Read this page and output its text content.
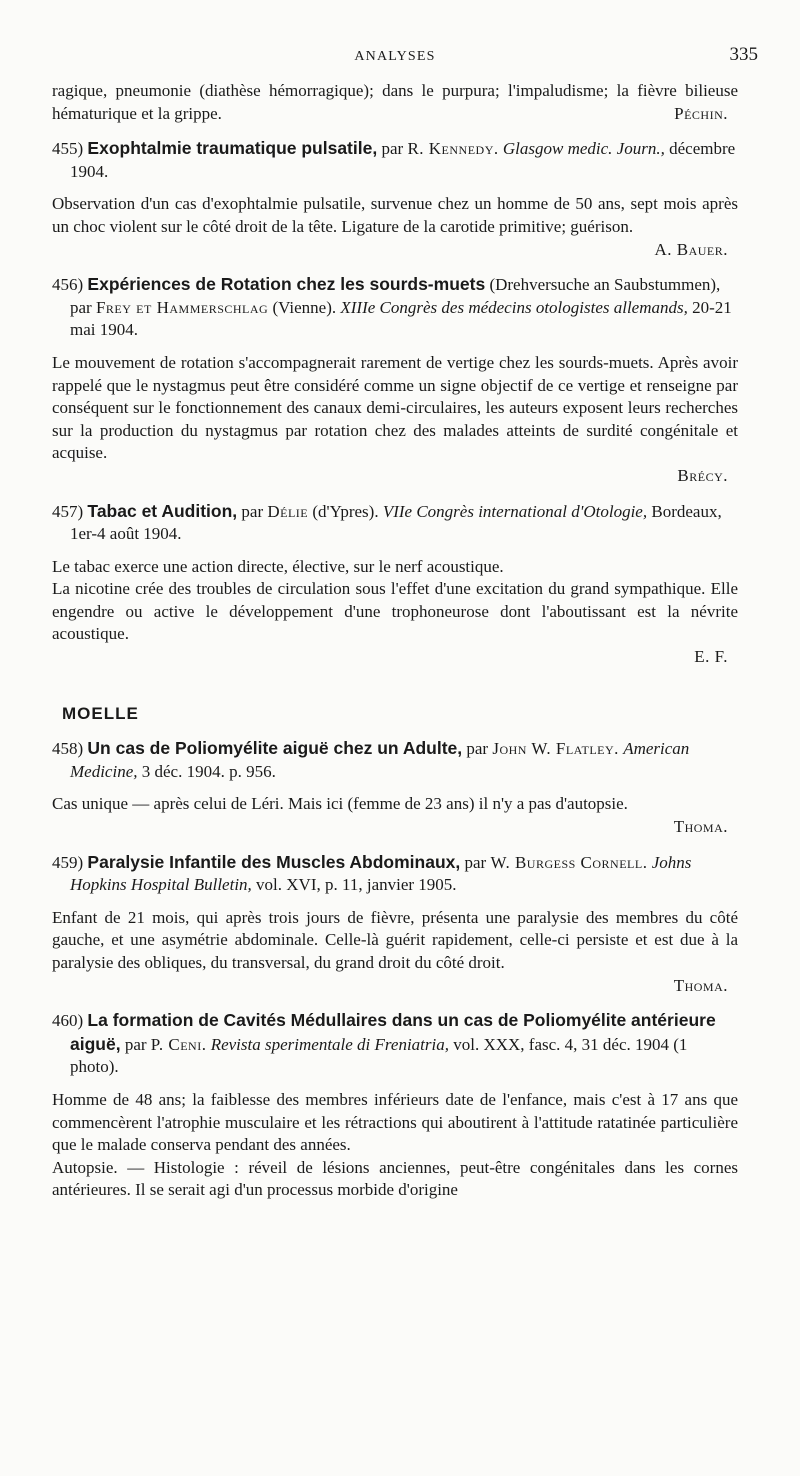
ANALYSES	335
ragique, pneumonie (diathèse hémorragique); dans le purpura; l'impaludisme; la fièvre bilieuse hématurique et la grippe.	Péchin.
455) Exophtalmie traumatique pulsatile, par R. Kennedy. Glasgow medic. Journ., décembre 1904.

Observation d'un cas d'exophtalmie pulsatile, survenue chez un homme de 50 ans, sept mois après un choc violent sur le côté droit de la tête. Ligature de la carotide primitive; guérison.

A. Bauer.
456) Expériences de Rotation chez les sourds-muets (Drehversuche an Saubstummen), par Frey et Hammerschlag (Vienne). XIIIe Congrès des médecins otologistes allemands, 20-21 mai 1904.

Le mouvement de rotation s'accompagnerait rarement de vertige chez les sourds-muets. Après avoir rappelé que le nystagmus peut être considéré comme un signe objectif de ce vertige et renseigne par conséquent sur le fonctionnement des canaux demi-circulaires, les auteurs exposent leurs recherches sur la production du nystagmus par rotation chez des malades atteints de surdité congénitale et acquise.

Brécy.
457) Tabac et Audition, par Délie (d'Ypres). VIIe Congrès international d'Otologie, Bordeaux, 1er-4 août 1904.

Le tabac exerce une action directe, élective, sur le nerf acoustique.

La nicotine crée des troubles de circulation sous l'effet d'une excitation du grand sympathique. Elle engendre ou active le développement d'une trophoneurose dont l'aboutissant est la névrite acoustique.

E. F.
MOELLE
458) Un cas de Poliomyélite aiguë chez un Adulte, par John W. Flatley. American Medicine, 3 déc. 1904. p. 956.

Cas unique — après celui de Léri. Mais ici (femme de 23 ans) il n'y a pas d'autopsie.

Thoma.
459) Paralysie Infantile des Muscles Abdominaux, par W. Burgess Cornell. Johns Hopkins Hospital Bulletin, vol. XVI, p. 11, janvier 1905.

Enfant de 21 mois, qui après trois jours de fièvre, présenta une paralysie des membres du côté gauche, et une asymétrie abdominale. Celle-là guérit rapidement, celle-ci persiste et est due à la paralysie des obliques, du transversal, du grand droit du côté droit.

Thoma.
460) La formation de Cavités Médullaires dans un cas de Poliomyélite antérieure aiguë, par P. Ceni. Revista sperimentale di Freniatria, vol. XXX, fasc. 4, 31 déc. 1904 (1 photo).

Homme de 48 ans; la faiblesse des membres inférieurs date de l'enfance, mais c'est à 17 ans que commencèrent l'atrophie musculaire et les rétractions qui aboutirent à l'attitude ratatinée particulière que le malade conserva pendant des années.

Autopsie. — Histologie : réveil de lésions anciennes, peut-être congénitales dans les cornes antérieures. Il se serait agi d'un processus morbide d'origine
